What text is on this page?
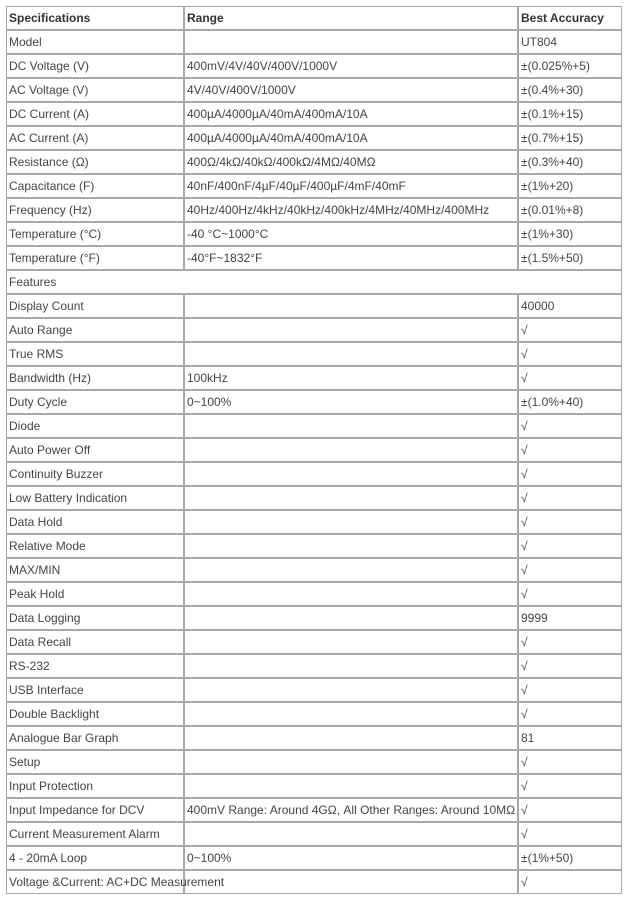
Specifications	Range	Best Accuracy
Model		UT804
DC Voltage (V)	400mV/4V/40V/400V/1000V	±(0.025%+5)
AC Voltage (V)	4V/40V/400V/1000V	±(0.4%+30)
DC Current (A)	400µA/4000µA/40mA/400mA/10A	±(0.1%+15)
AC Current (A)	400µA/4000µA/40mA/400mA/10A	±(0.7%+15)
Resistance (Ω)	400Ω/4kΩ/40kΩ/400kΩ/4MΩ/40MΩ	±(0.3%+40)
Capacitance (F)	40nF/400nF/4µF/40µF/400µF/4mF/40mF	±(1%+20)
Frequency (Hz)	40Hz/400Hz/4kHz/40kHz/400kHz/4MHz/40MHz/400MHz	±(0.01%+8)
Temperature (°C)	-40 °C~1000°C	±(1%+30)
Temperature (°F)	-40°F~1832°F	±(1.5%+50)
Features		
Display Count		40000
Auto Range		√
True RMS		√
Bandwidth (Hz)	100kHz	√
Duty Cycle	0~100%	±(1.0%+40)
Diode		√
Auto Power Off		√
Continuity Buzzer		√
Low Battery Indication		√
Data Hold		√
Relative Mode		√
MAX/MIN		√
Peak Hold		√
Data Logging		9999
Data Recall		√
RS-232		√
USB Interface		√
Double Backlight		√
Analogue Bar Graph		81
Setup		√
Input Protection		√
Input Impedance for DCV	400mV Range: Around 4GΩ, All Other Ranges: Around 10MΩ	√
Current Measurement Alarm		√
4 - 20mA Loop	0~100%	±(1%+50)
Voltage &Current: AC+DC Measurement		√
